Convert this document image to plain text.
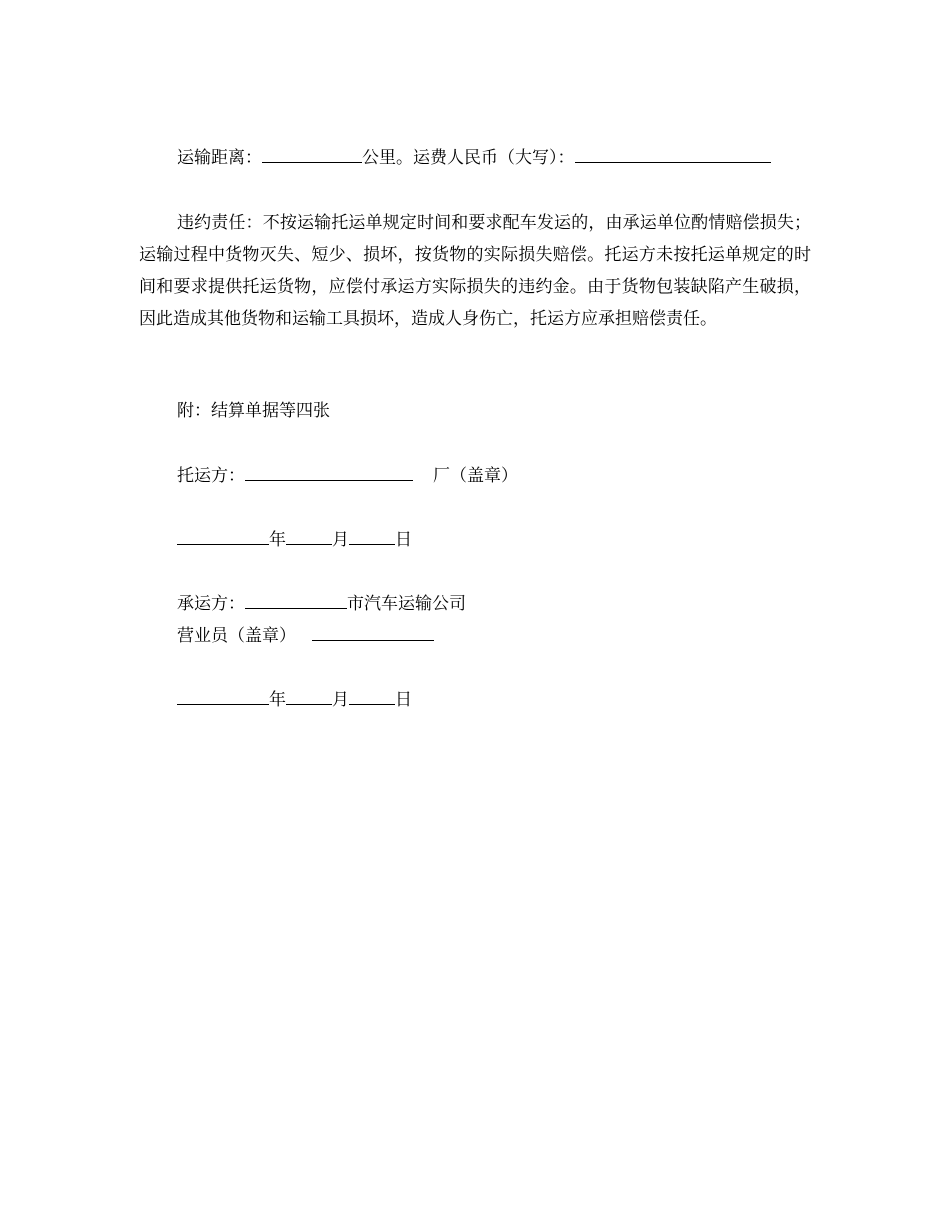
运输距离：	公里。运费人民币（大写）：
违约责任：不按运输托运单规定时间和要求配车发运的，由承运单位酌情赔偿损失；运输过程中货物灭失、短少、损坏，按货物的实际损失赔偿。托运方未按托运单规定的时间和要求提供托运货物，应偿付承运方实际损失的违约金。由于货物包装缺陷产生破损，因此造成其他货物和运输工具损坏，造成人身伤亡，托运方应承担赔偿责任。
附：结算单据等四张
托运方：	厂（盖章）
年	月	日
承运方：	市汽车运输公司
营业员（盖章）
年	月	日
